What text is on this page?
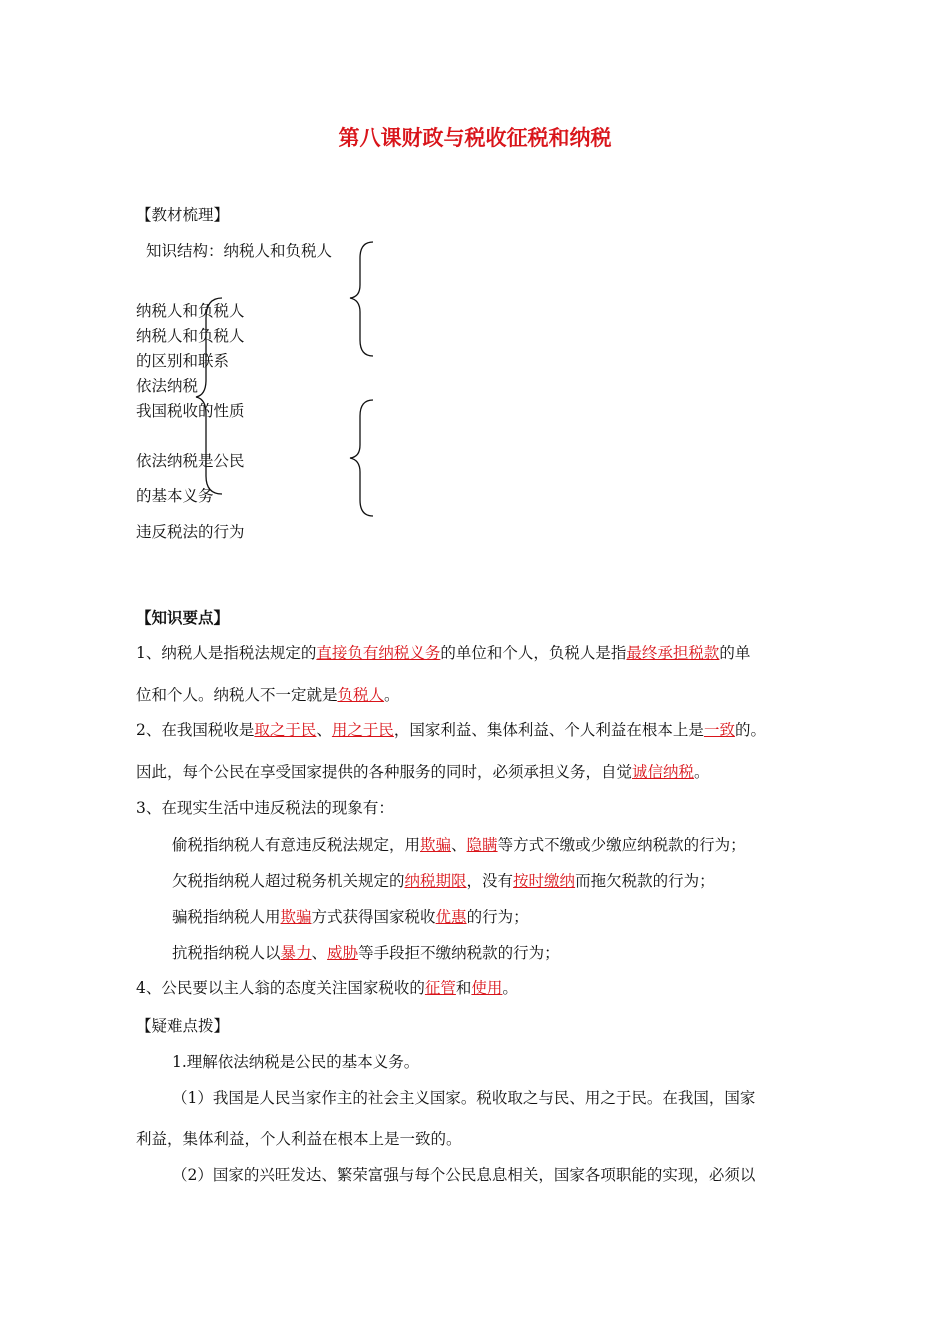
第八课财政与税收征税和纳税
【教材梳理】
知识结构：纳税人和负税人
纳税人和负税人
纳税人和负税人
的区别和联系
依法纳税
我国税收的性质
依法纳税是公民
的基本义务
违反税法的行为
【知识要点】
1、纳税人是指税法规定的直接负有纳税义务的单位和个人，负税人是指最终承担税款的单
位和个人。纳税人不一定就是负税人。
2、在我国税收是取之于民、用之于民，国家利益、集体利益、个人利益在根本上是一致的。
因此，每个公民在享受国家提供的各种服务的同时，必须承担义务，自觉诚信纳税。
3、在现实生活中违反税法的现象有：
偷税指纳税人有意违反税法规定，用欺骗、隐瞒等方式不缴或少缴应纳税款的行为；
欠税指纳税人超过税务机关规定的纳税期限，没有按时缴纳而拖欠税款的行为；
骗税指纳税人用欺骗方式获得国家税收优惠的行为；
抗税指纳税人以暴力、威胁等手段拒不缴纳税款的行为；
4、公民要以主人翁的态度关注国家税收的征管和使用。
【疑难点拨】
1.理解依法纳税是公民的基本义务。
（1）我国是人民当家作主的社会主义国家。税收取之与民、用之于民。在我国，国家
利益，集体利益，个人利益在根本上是一致的。
（2）国家的兴旺发达、繁荣富强与每个公民息息相关，国家各项职能的实现，必须以
